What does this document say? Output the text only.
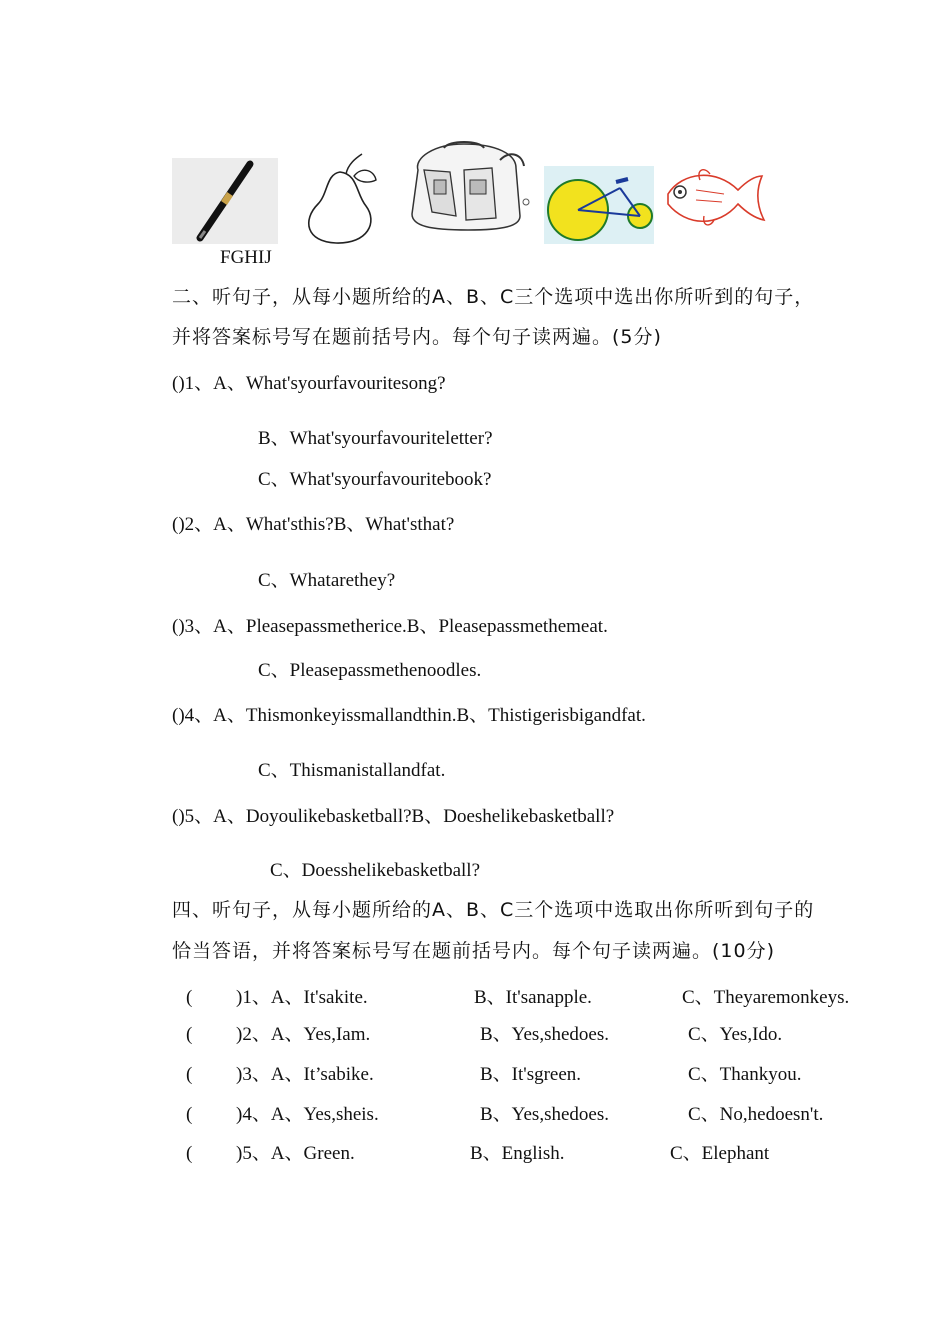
FGHIJ
二、听句子，从每小题所给的A、B、C三个选项中选出你所听到的句子，
并将答案标号写在题前括号内。每个句子读两遍。(5分)
()1、A、What'syourfavouritesong?
B、What'syourfavouriteletter?
C、What'syourfavouritebook?
()2、A、What'sthis?B、What'sthat?
C、Whatarethey?
()3、A、Pleasepassmetherice.B、Pleasepassmethemeat.
C、Pleasepassmethenoodles.
()4、A、Thismonkeyissmallandthin.B、Thistigerisbigandfat.
C、Thismanistallandfat.
()5、A、Doyoulikebasketball?B、Doeshelikebasketball?
C、Doesshelikebasketball?
四、听句子，从每小题所给的A、B、C三个选项中选取出你所听到句子的
恰当答语，并将答案标号写在题前括号内。每个句子读两遍。(10分)
( )1、A、It'sakite.	B、It'sanapple.	C、Theyaremonkeys.
( )2、A、Yes,Iam.	B、Yes,shedoes.	C、Yes,Ido.
( )3、A、It’sabike.	B、It'sgreen.	C、Thankyou.
( )4、A、Yes,sheis.	B、Yes,shedoes.	C、No,hedoesn't.
( )5、A、Green.	B、English.	C、Elephant
